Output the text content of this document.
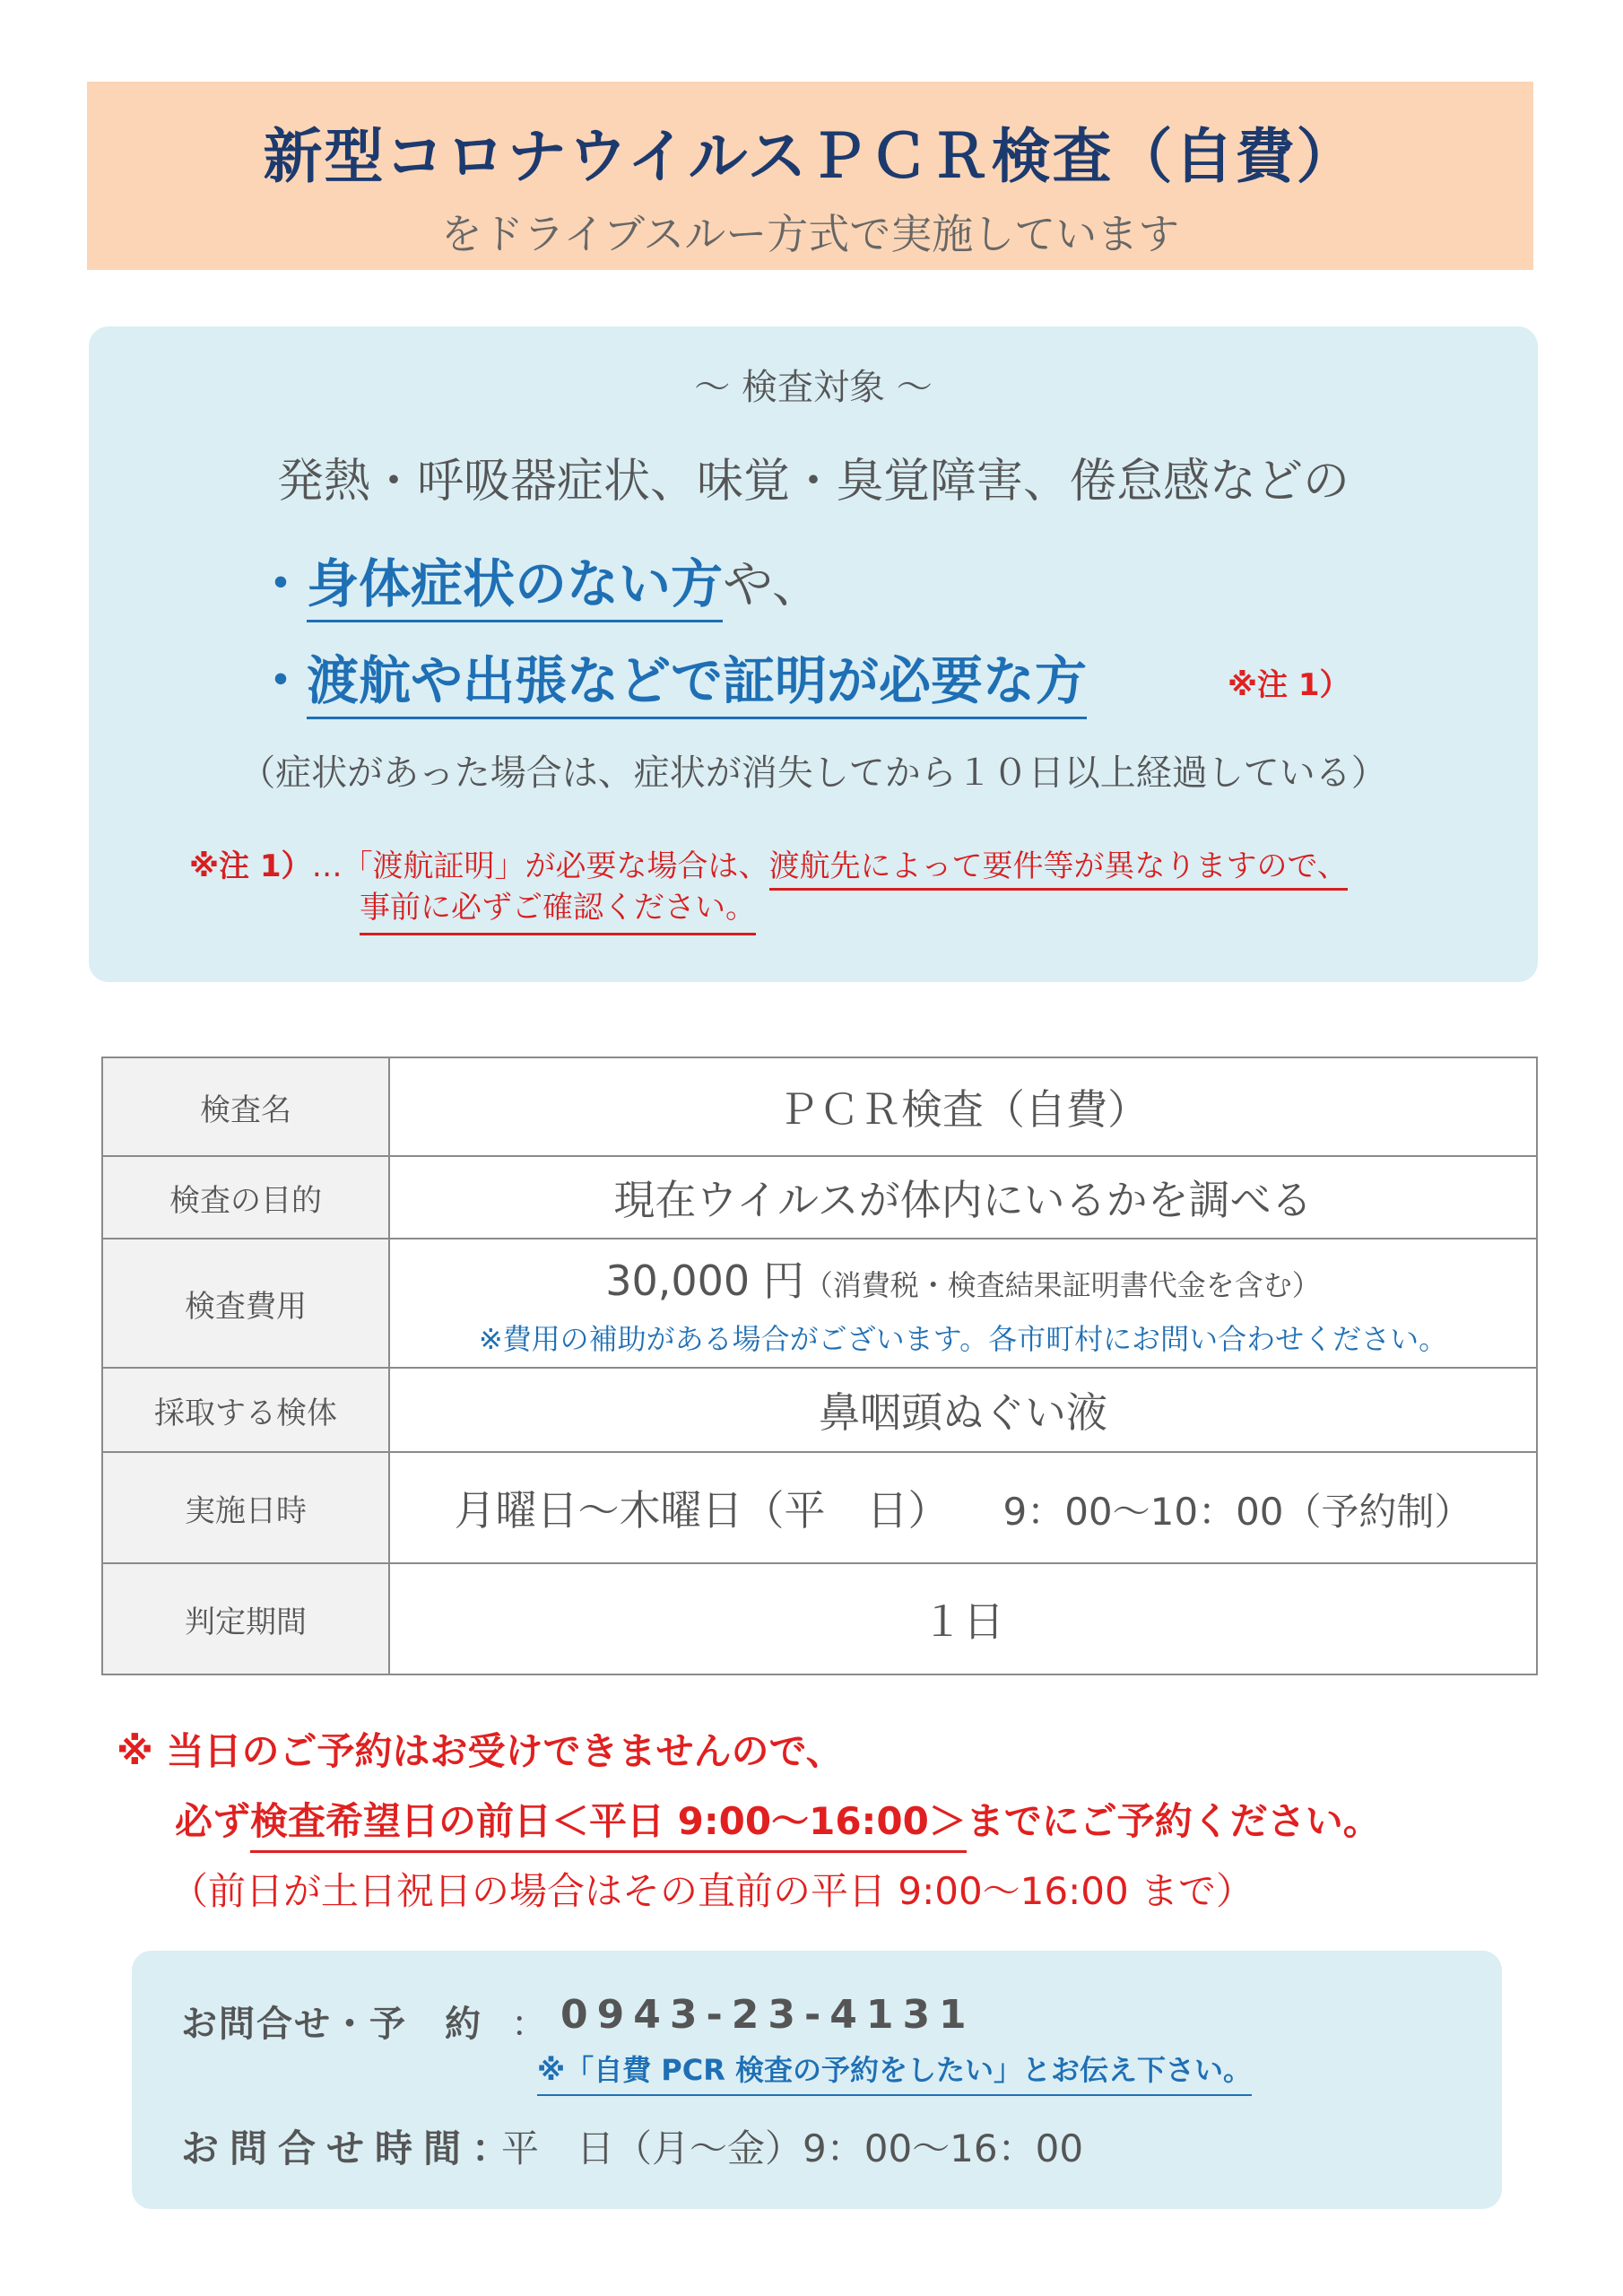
新型コロナウイルスＰＣＲ検査（自費）
をドライブスルー方式で実施しています
～ 検査対象 ～
発熱・呼吸器症状、味覚・臭覚障害、倦怠感などの
・身体症状のない方や、
・渡航や出張などで証明が必要な方	※注 1）
（症状があった場合は、症状が消失してから１０日以上経過している）
※注 1）…「渡航証明」が必要な場合は、渡航先によって要件等が異なりますので、
事前に必ずご確認ください。
検査名	ＰＣＲ検査（自費）
検査の目的	現在ウイルスが体内にいるかを調べる
検査費用	30,000 円（消費税・検査結果証明書代金を含む）
※費用の補助がある場合がございます。各市町村にお問い合わせください。

採取する検体	鼻咽頭ぬぐい液
実施日時	月曜日～木曜日（平　日） 9：00～10：00（予約制）
判定期間	１日
※ 当日のご予約はお受けできませんので、
必ず検査希望日の前日＜平日 9:00～16:00＞までにご予約ください。
（前日が土日祝日の場合はその直前の平日 9:00～16:00 まで）
お問合せ・予　約 ： 0943-23-4131
※「自費 PCR 検査の予約をしたい」とお伝え下さい。
お問合せ時間：
平　日（月～金）9：00～16：00
